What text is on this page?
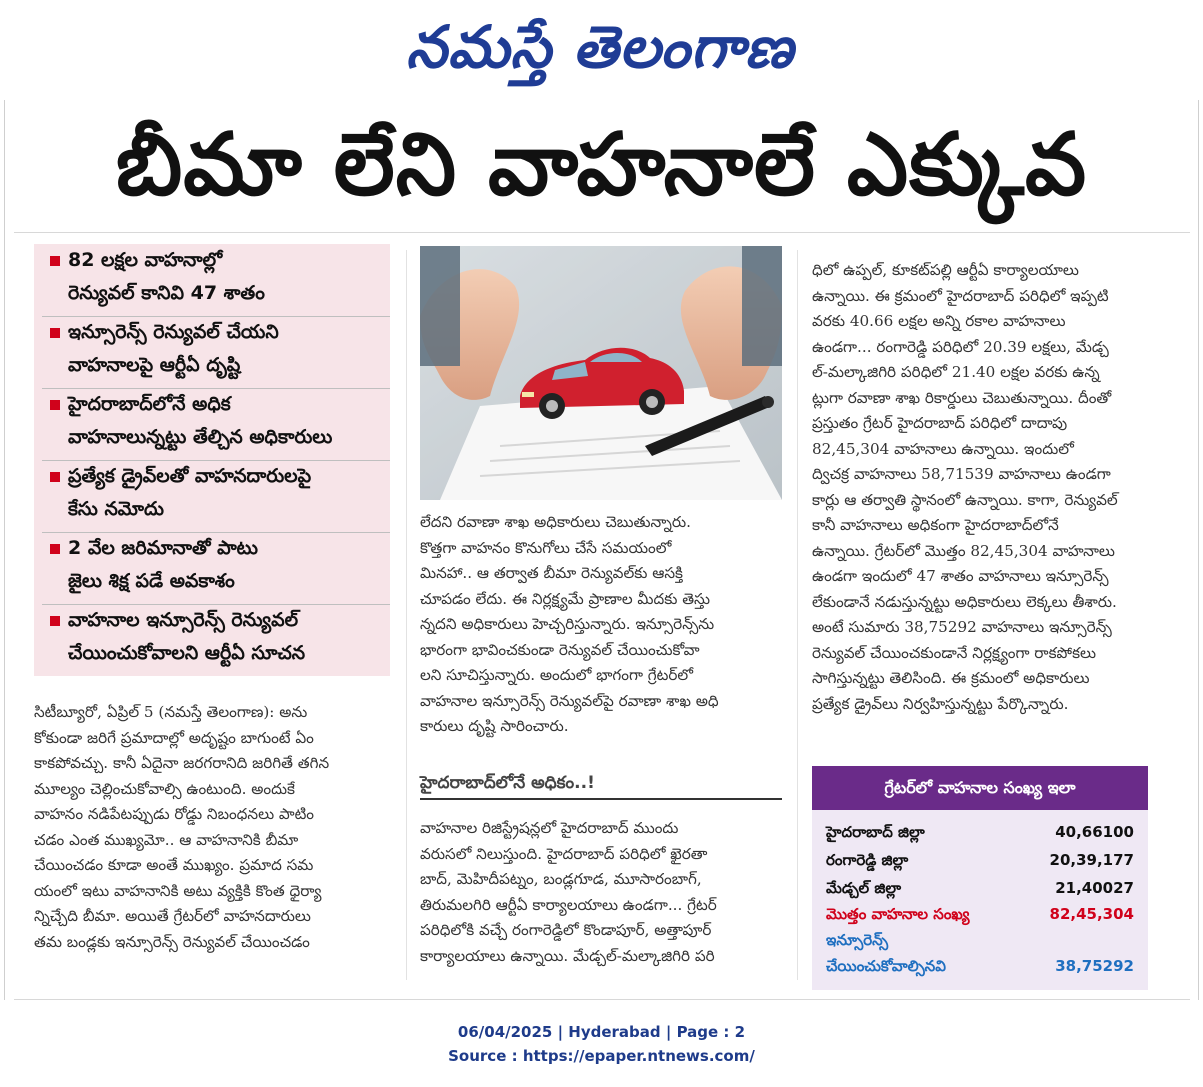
నమస్తే తెలంగాణ
బీమా లేని వాహనాలే ఎక్కువ
82 లక్షల వాహనాల్లో
రెన్యువల్ కానివి 47 శాతం
ఇన్సూరెన్స్ రెన్యువల్ చేయని
వాహనాలపై ఆర్టీఏ దృష్టి
హైదరాబాద్‌లోనే అధిక
వాహనాలున్నట్టు తేల్చిన అధికారులు
ప్రత్యేక డ్రైవ్‌లతో వాహనదారులపై
కేసు నమోదు
2 వేల జరిమానాతో పాటు
జైలు శిక్ష పడే అవకాశం
వాహనాల ఇన్సూరెన్స్ రెన్యువల్
చేయించుకోవాలని ఆర్టీఏ సూచన

సిటీబ్యూరో, ఏప్రిల్ 5 (నమస్తే తెలంగాణ): అను

కోకుండా జరిగే ప్రమాదాల్లో అదృష్టం బాగుంటే ఏం

కాకపోవచ్చు. కానీ ఏదైనా జరగరానిది జరిగితే తగిన

మూల్యం చెల్లించుకోవాల్సి ఉంటుంది. అందుకే

వాహనం నడిపేటప్పుడు రోడ్డు నిబంధనలు పాటిం

చడం ఎంత ముఖ్యమో.. ఆ వాహనానికి బీమా

చేయించడం కూడా అంతే ముఖ్యం. ప్రమాద సమ

యంలో ఇటు వాహనానికి అటు వ్యక్తికి కొంత ధైర్యా

న్నిచ్చేది బీమా. అయితే గ్రేటర్‌లో వాహనదారులు

తమ బండ్లకు ఇన్సూరెన్స్ రెన్యువల్ చేయించడం

లేదని రవాణా శాఖ అధికారులు చెబుతున్నారు.

కొత్తగా వాహనం కొనుగోలు చేసే సమయంలో

మినహా.. ఆ తర్వాత బీమా రెన్యువల్‌కు ఆసక్తి

చూపడం లేదు. ఈ నిర్లక్ష్యమే ప్రాణాల మీదకు తెస్తు

న్నదని అధికారులు హెచ్చరిస్తున్నారు. ఇన్సూరెన్స్‌ను

భారంగా భావించకుండా రెన్యువల్ చేయించుకోవా

లని సూచిస్తున్నారు. అందులో భాగంగా గ్రేటర్‌లో

వాహనాల ఇన్సూరెన్స్ రెన్యువల్‌పై రవాణా శాఖ అధి

కారులు దృష్టి సారించారు.

హైదరాబాద్‌లోనే అధికం..!

వాహనాల రిజిస్ట్రేషన్లలో హైదరాబాద్ ముందు

వరుసలో నిలుస్తుంది. హైదరాబాద్ పరిధిలో ఖైరతా

బాద్, మెహిదీపట్నం, బండ్లగూడ, మూసారంబాగ్,

తిరుమలగిరి ఆర్టీఏ కార్యాలయాలు ఉండగా... గ్రేటర్

పరిధిలోకి వచ్చే రంగారెడ్డిలో కొండాపూర్, అత్తాపూర్

కార్యాలయాలు ఉన్నాయి. మేడ్చల్-మల్కాజిగిరి పరి

ధిలో ఉప్పల్, కూకట్‌పల్లి ఆర్టీఏ కార్యాలయాలు

ఉన్నాయి. ఈ క్రమంలో హైదరాబాద్ పరిధిలో ఇప్పటి

వరకు 40.66 లక్షల అన్ని రకాల వాహనాలు

ఉండగా... రంగారెడ్డి పరిధిలో 20.39 లక్షలు, మేడ్చ

ల్-మల్కాజిగిరి పరిధిలో 21.40 లక్షల వరకు ఉన్న

ట్లుగా రవాణా శాఖ రికార్డులు చెబుతున్నాయి. దీంతో

ప్రస్తుతం గ్రేటర్ హైదరాబాద్ పరిధిలో దాదాపు

82,45,304 వాహనాలు ఉన్నాయి. ఇందులో

ద్విచక్ర వాహనాలు 58,71539 వాహనాలు ఉండగా

కార్లు ఆ తర్వాతి స్థానంలో ఉన్నాయి. కాగా, రెన్యువల్

కానీ వాహనాలు అధికంగా హైదరాబాద్‌లోనే

ఉన్నాయి. గ్రేటర్‌లో మొత్తం 82,45,304 వాహనాలు

ఉండగా ఇందులో 47 శాతం వాహనాలు ఇన్సూరెన్స్

లేకుండానే నడుస్తున్నట్టు అధికారులు లెక్కలు తీశారు.

అంటే సుమారు 38,75292 వాహనాలు ఇన్సూరెన్స్

రెన్యువల్ చేయించకుండానే నిర్లక్ష్యంగా రాకపోకలు

సాగిస్తున్నట్టు తెలిసింది. ఈ క్రమంలో అధికారులు

ప్రత్యేక డ్రైవ్‌లు నిర్వహిస్తున్నట్టు పేర్కొన్నారు.

గ్రేటర్‌లో వాహనాల సంఖ్య ఇలా
హైదరాబాద్ జిల్లా	40,66100
రంగారెడ్డి జిల్లా	20,39,177
మేడ్చల్ జిల్లా	21,40027
మొత్తం వాహనాల సంఖ్య	82,45,304
ఇన్సూరెన్స్
చేయించుకోవాల్సినవి	38,75292
06/04/2025 | Hyderabad | Page : 2
Source : https://epaper.ntnews.com/
